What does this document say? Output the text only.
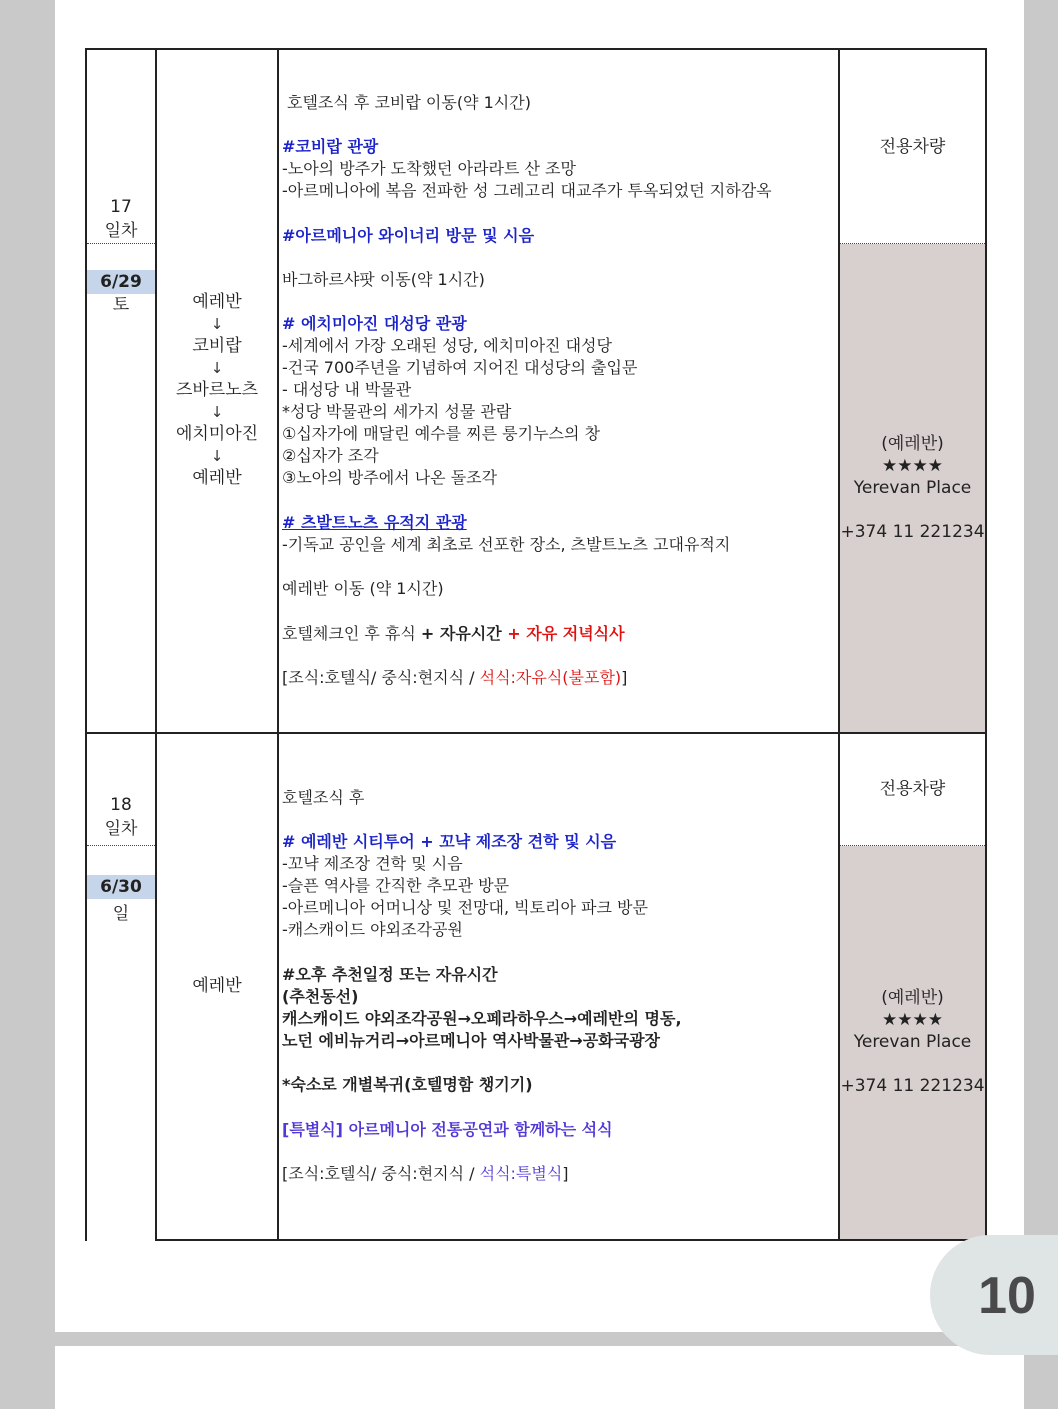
17
일차
6/29
토	예레반
↓
코비랍
↓
즈바르노츠
↓
에치미아진
↓
예레반
호텔조식 후 코비랍 이동(약 1시간)
#코비랍 관광
-노아의 방주가 도착했던 아라라트 산 조망
-아르메니아에 복음 전파한 성 그레고리 대교주가 투옥되었던 지하감옥
#아르메니아 와이너리 방문 및 시음
바그하르샤팟 이동(약 1시간)
# 에치미아진 대성당 관광
-세계에서 가장 오래된 성당, 에치미아진 대성당
-건국 700주년을 기념하여 지어진 대성당의 출입문
- 대성당 내 박물관
*성당 박물관의 세가지 성물 관람
①십자가에 매달린 예수를 찌른 룽기누스의 창
②십자가 조각
③노아의 방주에서 나온 돌조각
# 츠발트노츠 유적지 관광
-기독교 공인을 세계 최초로 선포한 장소, 츠발트노츠 고대유적지
예레반 이동 (약 1시간)
호텔체크인 후 휴식 + 자유시간 + 자유 저녁식사
[조식:호텔식/ 중식:현지식 / 석식:자유식(불포함)]
전용차량
(예레반)
★★★★
Yerevan Place
+374 11 221234
18
일차
6/30
일
예레반
호텔조식 후
# 예레반 시티투어 + 꼬냑 제조장 견학 및 시음
-꼬냑 제조장 견학 및 시음
-슬픈 역사를 간직한 추모관 방문
-아르메니아 어머니상 및 전망대, 빅토리아 파크 방문
-캐스캐이드 야외조각공원
#오후 추천일정 또는 자유시간
(추천동선)
캐스캐이드 야외조각공원→오페라하우스→예레반의 명동,
노던 에비뉴거리→아르메니아 역사박물관→공화국광장
*숙소로 개별복귀(호텔명함 챙기기)
[특별식] 아르메니아 전통공연과 함께하는 석식
[조식:호텔식/ 중식:현지식 / 석식:특별식]
전용차량
(예레반)
★★★★
Yerevan Place
+374 11 221234
10
